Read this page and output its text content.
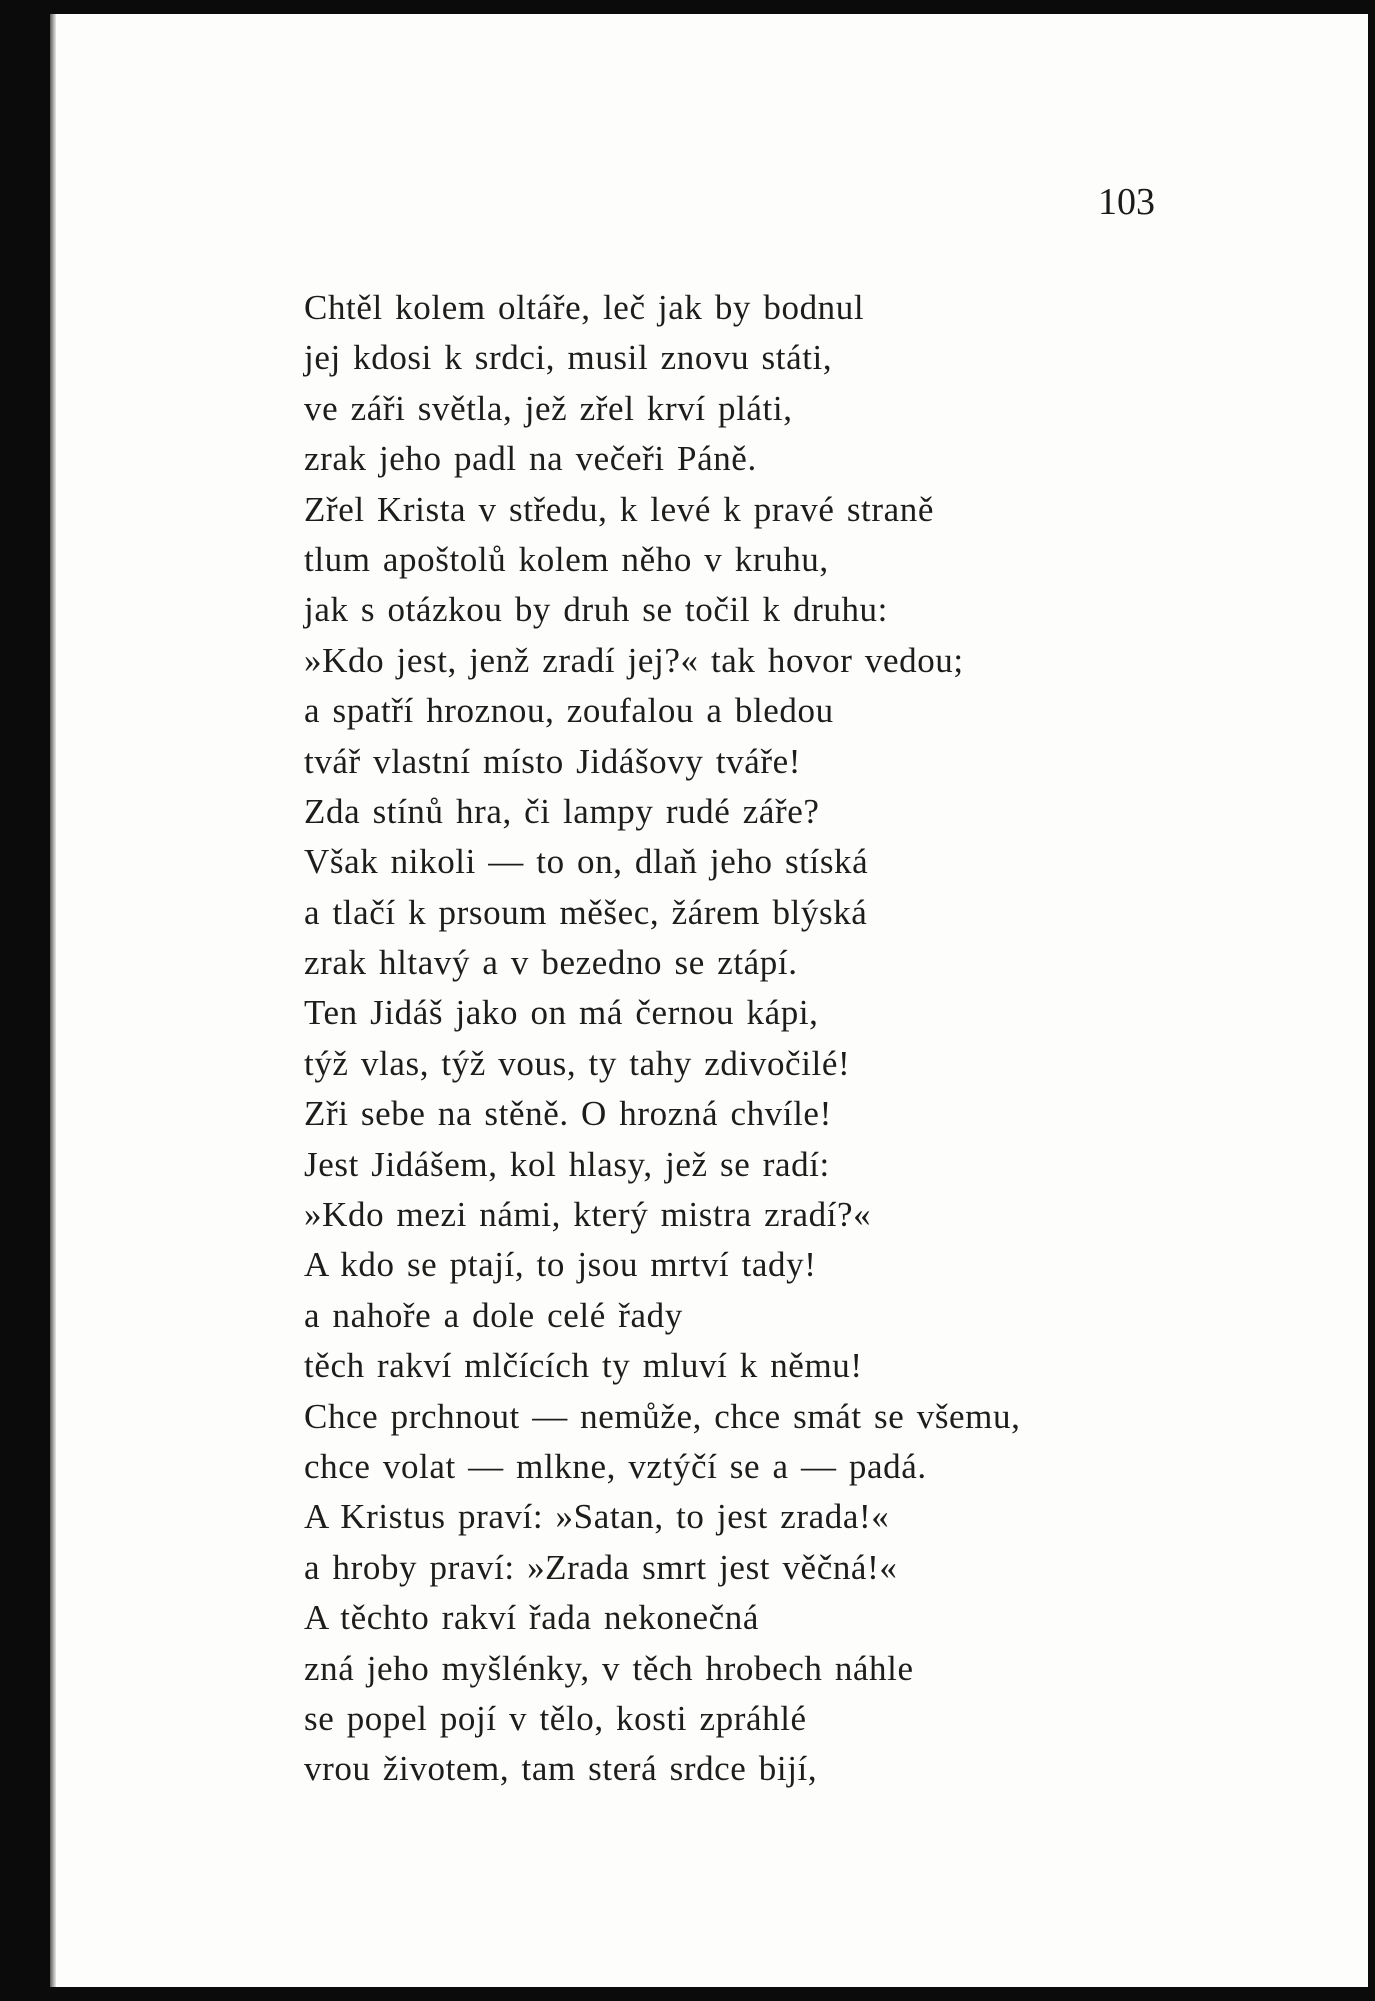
103

Chtěl kolem oltáře, leč jak by bodnul
jej kdosi k srdci, musil znovu státi,
ve záři světla, jež zřel krví pláti,
zrak jeho padl na večeři Páně.
Zřel Krista v středu, k levé k pravé straně
tlum apoštolů kolem něho v kruhu,
jak s otázkou by druh se točil k druhu:
»Kdo jest, jenž zradí jej?« tak hovor vedou;
a spatří hroznou, zoufalou a bledou
tvář vlastní místo Jidášovy tváře!
Zda stínů hra, či lampy rudé záře?
Však nikoli — to on, dlaň jeho stíská
a tlačí k prsoum měšec, žárem blýská
zrak hltavý a v bezedno se ztápí.
Ten Jidáš jako on má černou kápi,
týž vlas, týž vous, ty tahy zdivočilé!
Zři sebe na stěně. O hrozná chvíle!
Jest Jidášem, kol hlasy, jež se radí:
»Kdo mezi námi, který mistra zradí?«
A kdo se ptají, to jsou mrtví tady!
a nahoře a dole celé řady
těch rakví mlčících ty mluví k němu!
Chce prchnout — nemůže, chce smát se všemu,
chce volat — mlkne, vztýčí se a — padá.
A Kristus praví: »Satan, to jest zrada!«
a hroby praví: »Zrada smrt jest věčná!«
A těchto rakví řada nekonečná
zná jeho myšlénky, v těch hrobech náhle
se popel pojí v tělo, kosti zpráhlé
vrou životem, tam sterá srdce bijí,
